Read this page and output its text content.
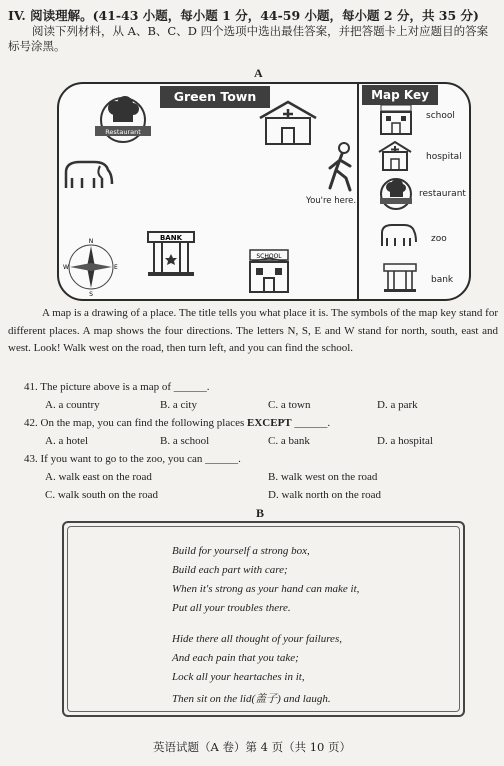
IV. 阅读理解。(41-43 小题，每小题 1 分，44-59 小题，每小题 2 分，共 35 分)
阅读下列材料，从 A、B、C、D 四个选项中选出最佳答案，并把答题卡上对应题目的答案标号涂黑。
A
Green Town	Map Key
Restaurant
You're here.
N
S
W	E
BANK
SCHOOL
school
hospital
restaurant
zoo
bank
A map is a drawing of a place. The title tells you what place it is. The symbols of the map key stand for different places. A map shows the four directions. The letters N, S, E and W stand for north, south, east and west. Look! Walk west on the road, then turn left, and you can find the school.
41. The picture above is a map of ______.
A. a country	B. a city	C. a town	D. a park
42. On the map, you can find the following places EXCEPT ______.
A. a hotel	B. a school	C. a bank	D. a hospital
43. If you want to go to the zoo, you can ______.
A. walk east on the road	B. walk west on the road
C. walk south on the road	D. walk north on the road
B
Build for yourself a strong box,
Build each part with care;
When it's strong as your hand can make it,
Put all your troubles there.
Hide there all thought of your failures,
And each pain that you take;
Lock all your heartaches in it,
Then sit on the lid(盖子) and laugh.
英语试题（A 卷）第 4 页（共 10 页）
